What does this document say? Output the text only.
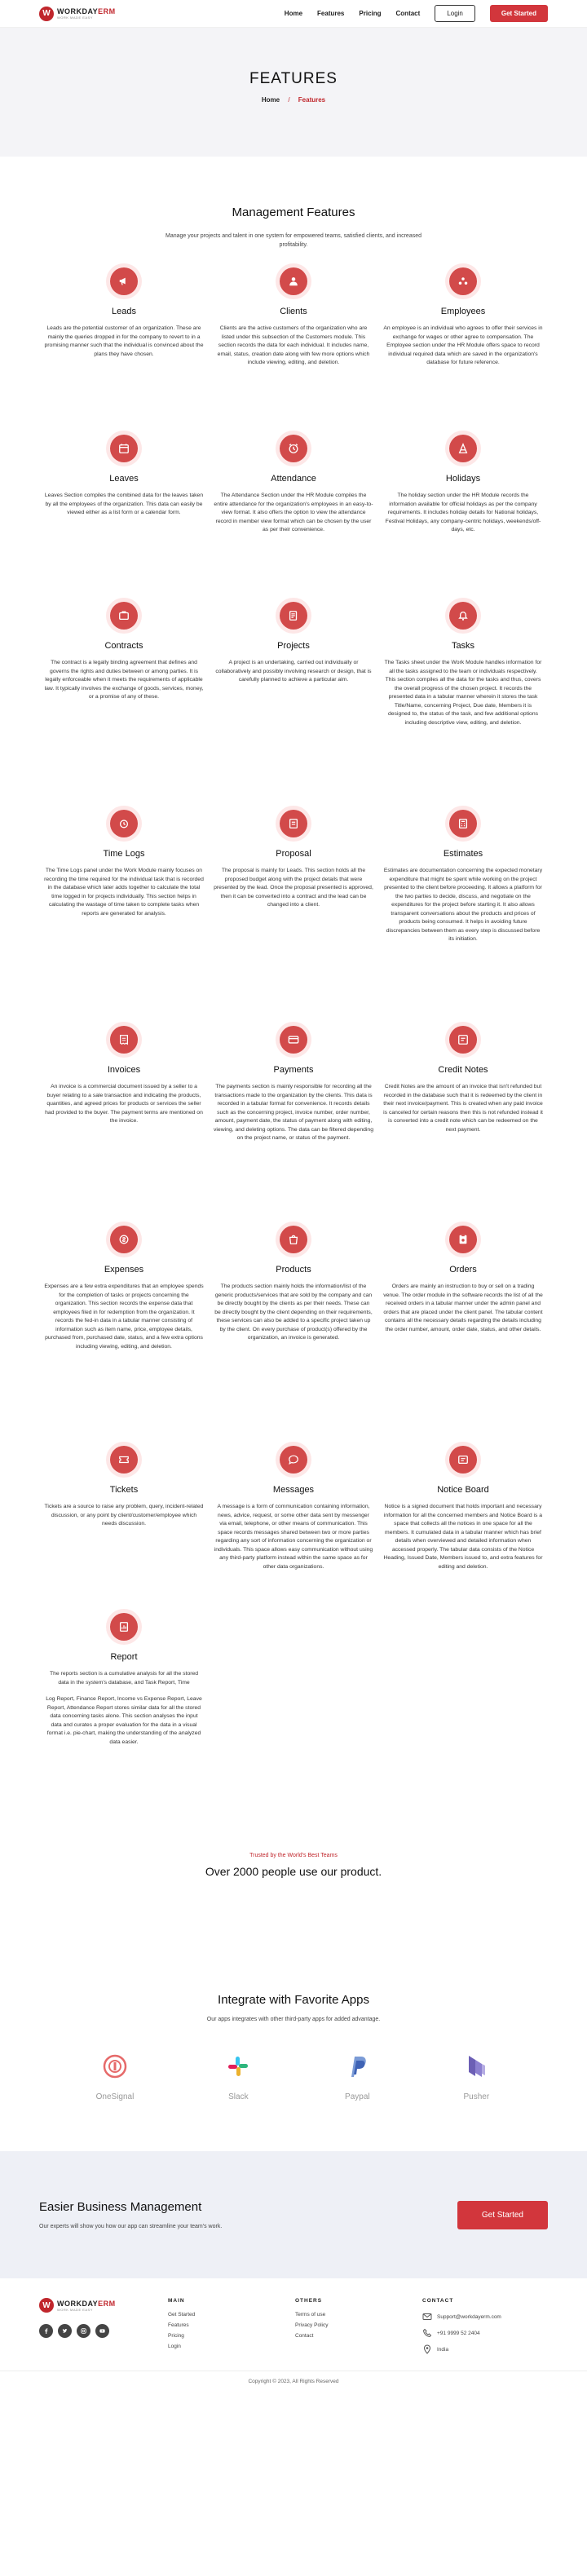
W WORKDAYERM
WORK MADE EASY
Home Features Pricing Contact	Login	Get Started
FEATURES
Home / Features
Management Features
Manage your projects and talent in one system for empowered teams, satisfied clients, and increased profitability.
Leads

Leads are the potential customer of an organization. These are mainly the queries dropped in for the company to revert to in a promising manner such that the individual is convinced about the plans they have chosen.

Clients

Clients are the active customers of the organization who are listed under this subsection of the Customers module. This section records the data for each individual. It includes name, email, status, creation date along with few more options which include viewing, editing, and deletion.

Employees

An employee is an individual who agrees to offer their services in exchange for wages or other agree to compensation. The Employee section under the HR Module offers space to record individual required data which are saved in the organization's database for future reference.

Leaves

Leaves Section compiles the combined data for the leaves taken by all the employees of the organization. This data can easily be viewed either as a list form or a calendar form.

Attendance

The Attendance Section under the HR Module compiles the entire attendance for the organization's employees in an easy-to-view format. It also offers the option to view the attendance record in member view format which can be chosen by the user as per their convenience.

Holidays

The holiday section under the HR Module records the information available for official holidays as per the company requirements. It includes holiday details for National holidays, Festival Holidays, any company-centric holidays, weekends/off-days, etc.

Contracts

The contract is a legally binding agreement that defines and governs the rights and duties between or among parties. It is legally enforceable when it meets the requirements of applicable law. It typically involves the exchange of goods, services, money, or a promise of any of these.

Projects

A project is an undertaking, carried out individually or collaboratively and possibly involving research or design, that is carefully planned to achieve a particular aim.

Tasks

The Tasks sheet under the Work Module handles information for all the tasks assigned to the team or individuals respectively. This section compiles all the data for the tasks and thus, covers the overall progress of the chosen project. It records the presented data in a tabular manner wherein it stores the task Title/Name, concerning Project, Due date, Members it is designed to, the status of the task, and few additional options including descriptive view, editing, and deletion.

Time Logs

The Time Logs panel under the Work Module mainly focuses on recording the time required for the individual task that is recorded in the database which later adds together to calculate the total time logged in for projects individually. This section helps in calculating the wastage of time taken to complete tasks when reports are generated for analysis.

Proposal

The proposal is mainly for Leads. This section holds all the proposed budget along with the project details that were presented by the lead. Once the proposal presented is approved, then it can be converted into a contract and the lead can be changed into a client.

Estimates

Estimates are documentation concerning the expected monetary expenditure that might be spent while working on the project presented to the client before proceeding. It allows a platform for the two parties to decide, discuss, and negotiate on the expenditures for the project before starting it. It also allows transparent conversations about the products and prices of products being consumed. It helps in avoiding future discrepancies between them as every step is discussed before its initiation.

Invoices

An invoice is a commercial document issued by a seller to a buyer relating to a sale transaction and indicating the products, quantities, and agreed prices for products or services the seller had provided to the buyer. The payment terms are mentioned on the invoice.

Payments

The payments section is mainly responsible for recording all the transactions made to the organization by the clients. This data is recorded in a tabular format for convenience. It records details such as the concerning project, invoice number, order number, amount, payment date, the status of payment along with editing, viewing, and deleting options. The data can be filtered depending on the project name, or status of the payment.

Credit Notes

Credit Notes are the amount of an invoice that isn't refunded but recorded in the database such that it is redeemed by the client in their next invoice/payment. This is created when any paid invoice is canceled for certain reasons then this is not refunded instead it is converted into a credit note which can be redeemed on the next payment.

Expenses

Expenses are a few extra expenditures that an employee spends for the completion of tasks or projects concerning the organization. This section records the expense data that employees filed in for redemption from the organization. It records the fed-in data in a tabular manner consisting of information such as item name, price, employee details, purchased from, purchased date, status, and a few extra options including viewing, editing, and deletion.

Products

The products section mainly holds the information/list of the generic products/services that are sold by the company and can be directly bought by the clients as per their needs. These can be directly bought by the client depending on their requirements, these services can also be added to a specific project taken up by the client. On every purchase of product(s) offered by the organization, an invoice is generated.

Orders

Orders are mainly an instruction to buy or sell on a trading venue. The order module in the software records the list of all the received orders in a tabular manner under the admin panel and orders that are placed under the client panel. The tabular content contains all the necessary details regarding the details including the order number, amount, order date, status, and other details.

Tickets

Tickets are a source to raise any problem, query, incident-related discussion, or any point by client/customer/employee which needs discussion.

Messages

A message is a form of communication containing information, news, advice, request, or some other data sent by messenger via email, telephone, or other means of communication. This space records messages shared between two or more parties regarding any sort of information concerning the organization or individuals. This space allows easy communication without using any third-party platform instead within the same space as for other data organizations.

Notice Board

Notice is a signed document that holds important and necessary information for all the concerned members and Notice Board is a space that collects all the notices in one space for all the members. It cumulated data in a tabular manner which has brief details when overviewed and detailed information when accessed properly. The tabular data consists of the Notice Heading, Issued Date, Members issued to, and extra features for editing and deletion.

Report

The reports section is a cumulative analysis for all the stored data in the system's database, and Task Report, Time

Log Report, Finance Report, Income vs Expense Report, Leave Report, Attendance Report stores similar data for all the stored data concerning tasks alone. This section analyses the input data and curates a proper evaluation for the data in a visual format i.e. pie-chart, making the understanding of the analyzed data easier.

Trusted by the World's Best Teams
Over 2000 people use our product.
Integrate with Favorite Apps
Our apps integrates with other third-party apps for added advantage.
OneSignal	Slack	Paypal	Pusher
Easier Business Management
Our experts will show you how our app can streamline your team's work.
Get Started
W WORKDAYERM
WORK MADE EASY
MAIN
Get Started
Features
Pricing
Login
OTHERS
Terms of use
Privacy Policy
Contact
CONTACT
Support@workdayerm.com
+91 9999 52 2404
India
Copyright © 2023, All Rights Reserved
